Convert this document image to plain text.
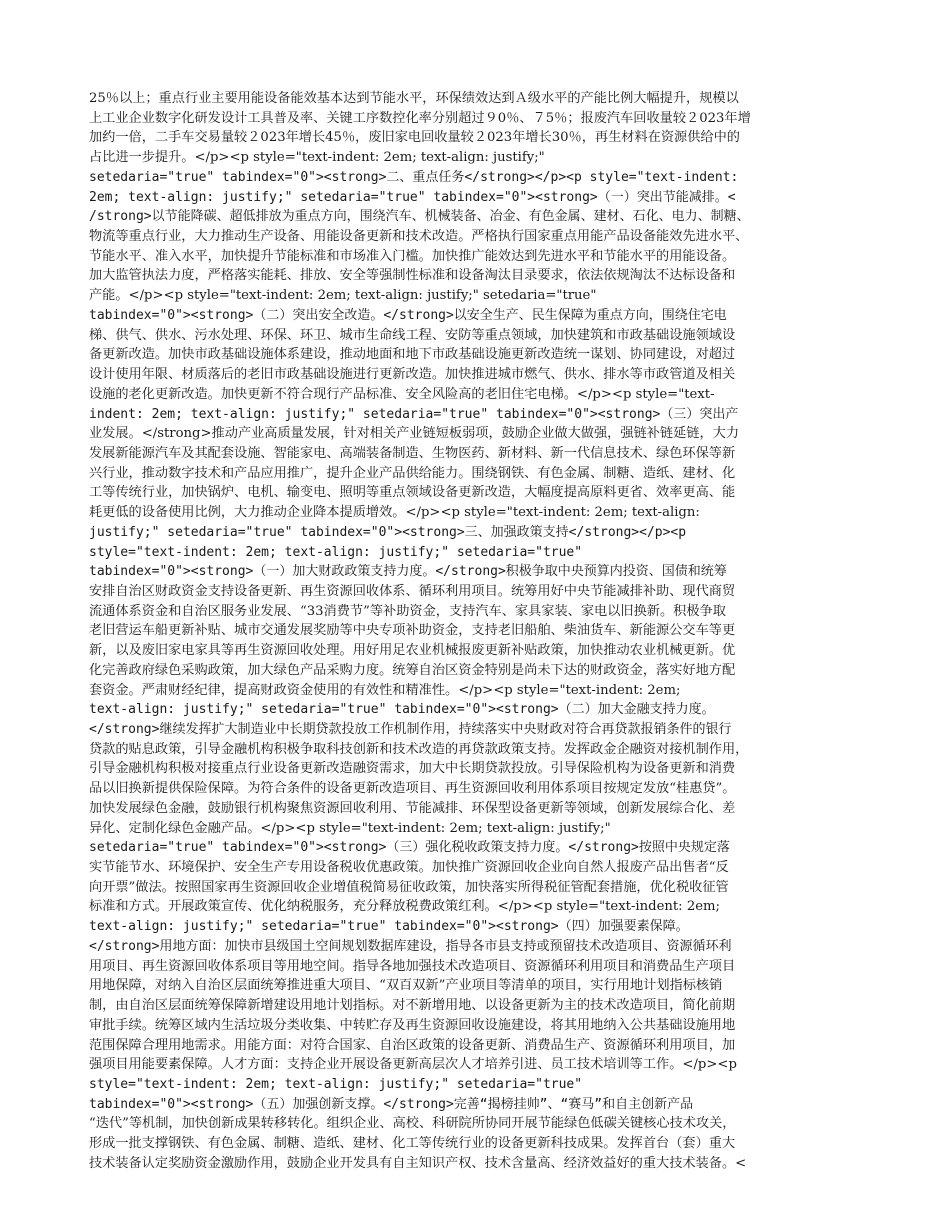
25％以上；重点行业主要用能设备能效基本达到节能水平，环保绩效达到Ａ级水平的产能比例大幅提升，规模以
上工业企业数字化研发设计工具普及率、关键工序数控化率分别超过９0％、７5％；报废汽车回收量较２023年增
加约一倍，二手车交易量较２023年增长45％，废旧家电回收量较２023年增长30％，再生材料在资源供给中的
占比进一步提升。</p><p style="text-indent: 2em; text-align: justify;"
setedaria="true" tabindex="0"><strong>二、重点任务</strong></p><p style="text-indent:
2em; text-align: justify;" setedaria="true" tabindex="0"><strong>（一）突出节能减排。<
/strong>以节能降碳、超低排放为重点方向，围绕汽车、机械装备、冶金、有色金属、建材、石化、电力、制糖、
物流等重点行业，大力推动生产设备、用能设备更新和技术改造。严格执行国家重点用能产品设备能效先进水平、
节能水平、准入水平，加快提升节能标准和市场准入门槛。加快推广能效达到先进水平和节能水平的用能设备。
加大监管执法力度，严格落实能耗、排放、安全等强制性标准和设备淘汰目录要求，依法依规淘汰不达标设备和
产能。</p><p style="text-indent: 2em; text-align: justify;" setedaria="true"
tabindex="0"><strong>（二）突出安全改造。</strong>以安全生产、民生保障为重点方向，围绕住宅电
梯、供气、供水、污水处理、环保、环卫、城市生命线工程、安防等重点领域，加快建筑和市政基础设施领域设
备更新改造。加快市政基础设施体系建设，推动地面和地下市政基础设施更新改造统一谋划、协同建设，对超过
设计使用年限、材质落后的老旧市政基础设施进行更新改造。加快推进城市燃气、供水、排水等市政管道及相关
设施的老化更新改造。加快更新不符合现行产品标准、安全风险高的老旧住宅电梯。</p><p style="text-
indent: 2em; text-align: justify;" setedaria="true" tabindex="0"><strong>（三）突出产
业发展。</strong>推动产业高质量发展，针对相关产业链短板弱项，鼓励企业做大做强，强链补链延链，大力
发展新能源汽车及其配套设施、智能家电、高端装备制造、生物医药、新材料、新一代信息技术、绿色环保等新
兴行业，推动数字技术和产品应用推广，提升企业产品供给能力。围绕钢铁、有色金属、制糖、造纸、建材、化
工等传统行业，加快锅炉、电机、输变电、照明等重点领域设备更新改造，大幅度提高原料更省、效率更高、能
耗更低的设备使用比例，大力推动企业降本提质增效。</p><p style="text-indent: 2em; text-align:
justify;" setedaria="true" tabindex="0"><strong>三、加强政策支持</strong></p><p
style="text-indent: 2em; text-align: justify;" setedaria="true"
tabindex="0"><strong>（一）加大财政政策支持力度。</strong>积极争取中央预算内投资、国债和统筹
安排自治区财政资金支持设备更新、再生资源回收体系、循环利用项目。统筹用好中央节能减排补助、现代商贸
流通体系资金和自治区服务业发展、“33消费节”等补助资金，支持汽车、家具家装、家电以旧换新。积极争取
老旧营运车船更新补贴、城市交通发展奖励等中央专项补助资金，支持老旧船舶、柴油货车、新能源公交车等更
新，以及废旧家电家具等再生资源回收处理。用好用足农业机械报废更新补贴政策，加快推动农业机械更新。优
化完善政府绿色采购政策，加大绿色产品采购力度。统筹自治区资金特别是尚未下达的财政资金，落实好地方配
套资金。严肃财经纪律，提高财政资金使用的有效性和精准性。</p><p style="text-indent: 2em;
text-align: justify;" setedaria="true" tabindex="0"><strong>（二）加大金融支持力度。
</strong>继续发挥扩大制造业中长期贷款投放工作机制作用，持续落实中央财政对符合再贷款报销条件的银行
贷款的贴息政策，引导金融机构积极争取科技创新和技术改造的再贷款政策支持。发挥政金企融资对接机制作用，
引导金融机构积极对接重点行业设备更新改造融资需求，加大中长期贷款投放。引导保险机构为设备更新和消费
品以旧换新提供保险保障。为符合条件的设备更新改造项目、再生资源回收利用体系项目按规定发放“桂惠贷”。
加快发展绿色金融，鼓励银行机构聚焦资源回收利用、节能减排、环保型设备更新等领域，创新发展综合化、差
异化、定制化绿色金融产品。</p><p style="text-indent: 2em; text-align: justify;"
setedaria="true" tabindex="0"><strong>（三）强化税收政策支持力度。</strong>按照中央规定落
实节能节水、环境保护、安全生产专用设备税收优惠政策。加快推广资源回收企业向自然人报废产品出售者“反
向开票”做法。按照国家再生资源回收企业增值税简易征收政策，加快落实所得税征管配套措施，优化税收征管
标准和方式。开展政策宣传、优化纳税服务，充分释放税费政策红利。</p><p style="text-indent: 2em;
text-align: justify;" setedaria="true" tabindex="0"><strong>（四）加强要素保障。
</strong>用地方面：加快市县级国土空间规划数据库建设，指导各市县支持或预留技术改造项目、资源循环利
用项目、再生资源回收体系项目等用地空间。指导各地加强技术改造项目、资源循环利用项目和消费品生产项目
用地保障，对纳入自治区层面统筹推进重大项目、“双百双新”产业项目等清单的项目，实行用地计划指标核销
制，由自治区层面统筹保障新增建设用地计划指标。对不新增用地、以设备更新为主的技术改造项目，简化前期
审批手续。统筹区域内生活垃圾分类收集、中转贮存及再生资源回收设施建设，将其用地纳入公共基础设施用地
范围保障合理用地需求。用能方面：对符合国家、自治区政策的设备更新、消费品生产、资源循环利用项目，加
强项目用能要素保障。人才方面：支持企业开展设备更新高层次人才培养引进、员工技术培训等工作。</p><p
style="text-indent: 2em; text-align: justify;" setedaria="true"
tabindex="0"><strong>（五）加强创新支撑。</strong>完善“揭榜挂帅”、“赛马”和自主创新产品
“迭代”等机制，加快创新成果转移转化。组织企业、高校、科研院所协同开展节能绿色低碳关键核心技术攻关，
形成一批支撑钢铁、有色金属、制糖、造纸、建材、化工等传统行业的设备更新科技成果。发挥首台（套）重大
技术装备认定奖励资金激励作用，鼓励企业开发具有自主知识产权、技术含量高、经济效益好的重大技术装备。<
